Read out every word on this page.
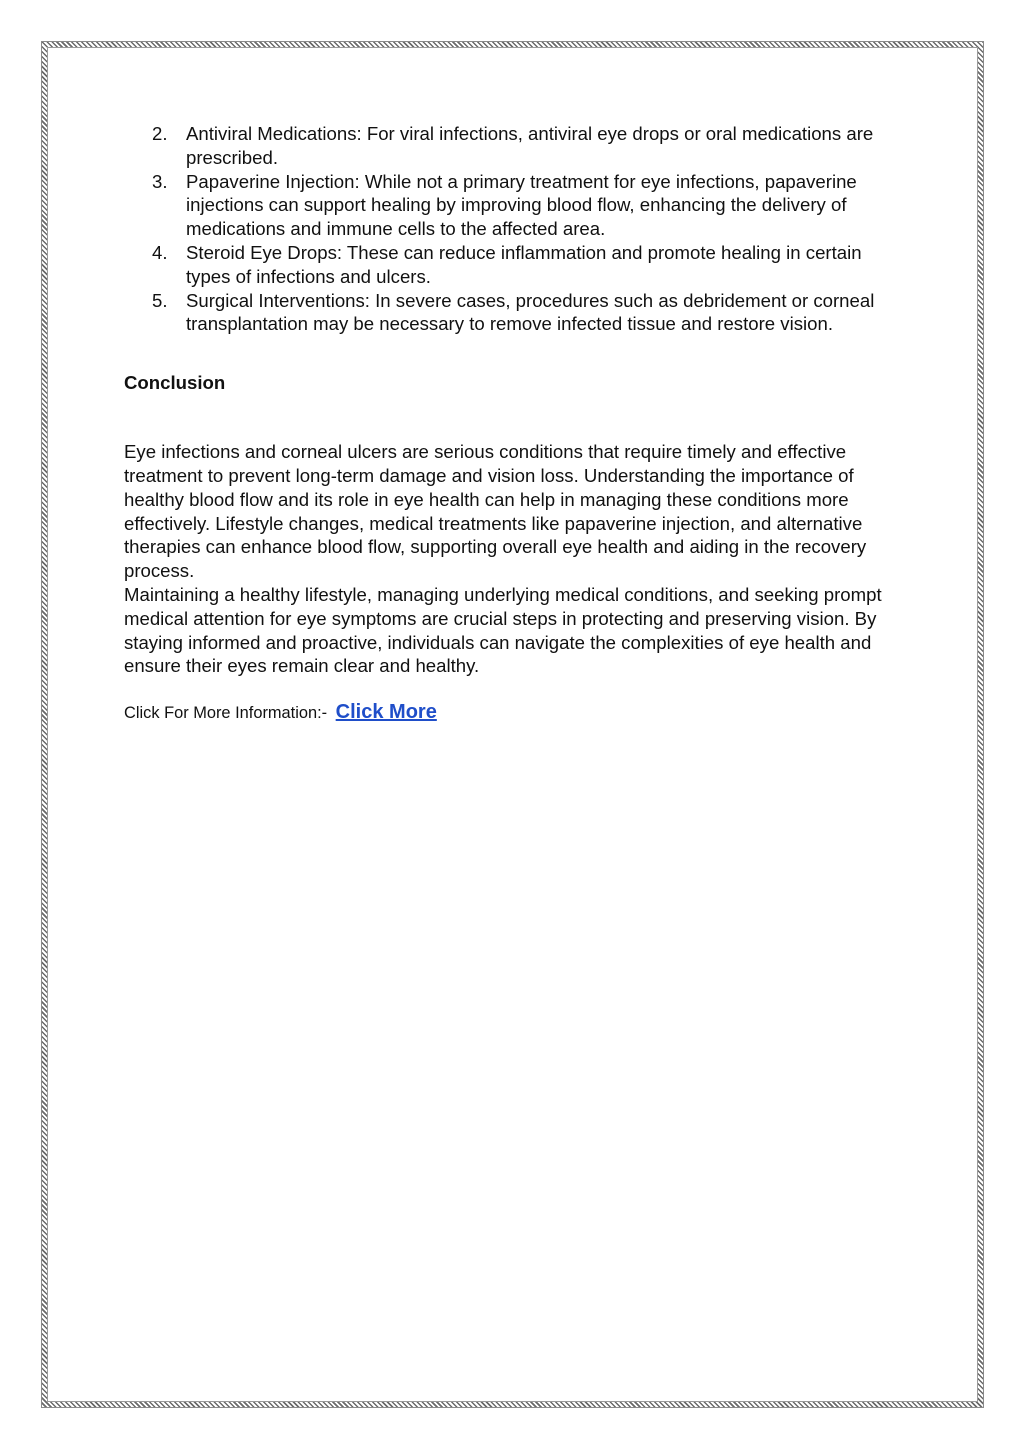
2. Antiviral Medications: For viral infections, antiviral eye drops or oral medications are prescribed.
3. Papaverine Injection: While not a primary treatment for eye infections, papaverine injections can support healing by improving blood flow, enhancing the delivery of medications and immune cells to the affected area.
4. Steroid Eye Drops: These can reduce inflammation and promote healing in certain types of infections and ulcers.
5. Surgical Interventions: In severe cases, procedures such as debridement or corneal transplantation may be necessary to remove infected tissue and restore vision.
Conclusion
Eye infections and corneal ulcers are serious conditions that require timely and effective treatment to prevent long-term damage and vision loss. Understanding the importance of healthy blood flow and its role in eye health can help in managing these conditions more effectively. Lifestyle changes, medical treatments like papaverine injection, and alternative therapies can enhance blood flow, supporting overall eye health and aiding in the recovery process.
Maintaining a healthy lifestyle, managing underlying medical conditions, and seeking prompt medical attention for eye symptoms are crucial steps in protecting and preserving vision. By staying informed and proactive, individuals can navigate the complexities of eye health and ensure their eyes remain clear and healthy.
Click For More Information:- Click More
